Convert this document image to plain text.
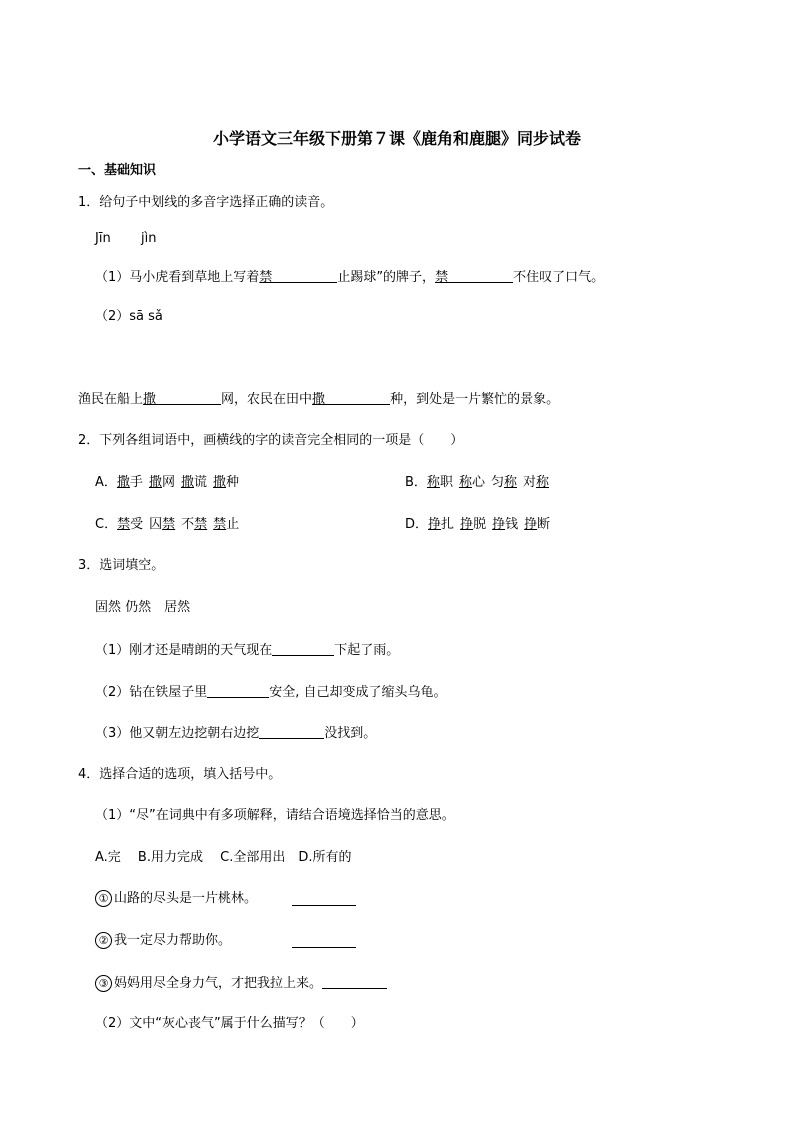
小学语文三年级下册第７课《鹿角和鹿腿》同步试卷
一、基础知识
1．给句子中划线的多音字选择正确的读音。
Jīn jìn
（1）马小虎看到草地上写着禁	止踢球”的牌子，禁	不住叹了口气。
（2）sā sǎ
渔民在船上撒	网，农民在田中撒	种，到处是一片繁忙的景象。
2．下列各组词语中，画横线的字的读音完全相同的一项是（　　）
A．撒手 撒网 撒谎 撒种	B．称职 称心 匀称 对称
C．禁受 囚禁 不禁 禁止	D．挣扎 挣脱 挣钱 挣断
3．选词填空。
固然 仍然　居然
（1）刚才还是晴朗的天气现在	下起了雨。
（2）钻在铁屋子里	安全, 自己却变成了缩头乌龟。
（3）他又朝左边挖朝右边挖	没找到。
4．选择合适的选项，填入括号中。
（1）“尽”在词典中有多项解释，请结合语境选择恰当的意思。
A.完　 B.用力完成　 C.全部用出　D.所有的
① 山路的尽头是一片桃林。
② 我一定尽力帮助你。
③ 妈妈用尽全身力气，才把我拉上来。
（2）文中“灰心丧气”属于什么描写？（　　）
